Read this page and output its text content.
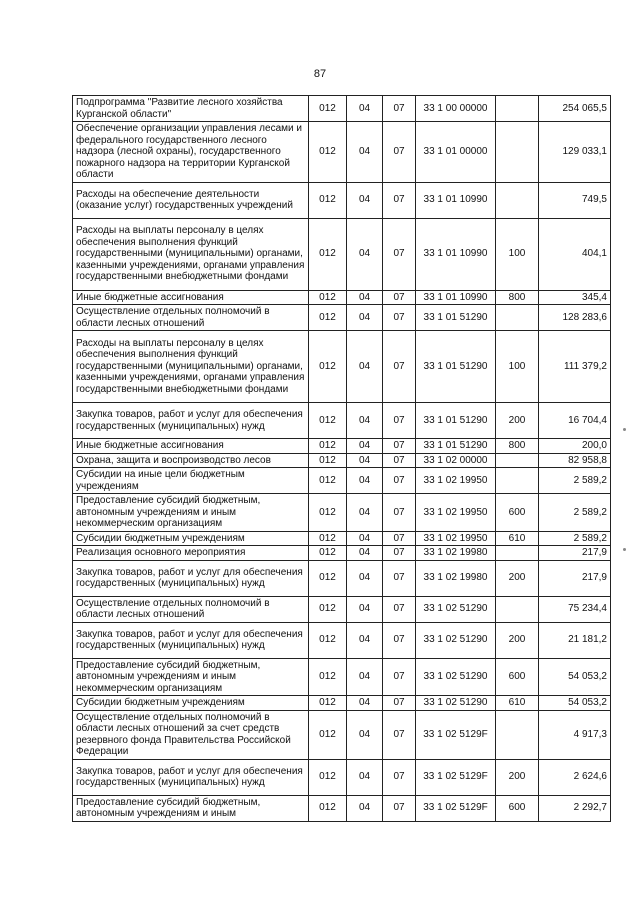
87
Подпрограмма "Развитие лесного хозяйства Курганской области"	012	04	07	33 1 00 00000		254 065,5
Обеспечение организации управления лесами и федерального государственного лесного надзора (лесной охраны), государственного пожарного надзора на территории Курганской области	012	04	07	33 1 01 00000		129 033,1
Расходы на обеспечение деятельности (оказание услуг) государственных учреждений	012	04	07	33 1 01 10990		749,5
Расходы на выплаты персоналу в целях обеспечения выполнения функций государственными (муниципальными) органами, казенными учреждениями, органами управления государственными внебюджетными фондами	012	04	07	33 1 01 10990	100	404,1
Иные бюджетные ассигнования	012	04	07	33 1 01 10990	800	345,4
Осуществление отдельных полномочий в области лесных отношений	012	04	07	33 1 01 51290		128 283,6
Расходы на выплаты персоналу в целях обеспечения выполнения функций государственными (муниципальными) органами, казенными учреждениями, органами управления государственными внебюджетными фондами	012	04	07	33 1 01 51290	100	111 379,2
Закупка товаров, работ и услуг для обеспечения государственных (муниципальных) нужд	012	04	07	33 1 01 51290	200	16 704,4
Иные бюджетные ассигнования	012	04	07	33 1 01 51290	800	200,0
Охрана, защита и воспроизводство лесов	012	04	07	33 1 02 00000		82 958,8
Субсидии на иные цели бюджетным учреждениям	012	04	07	33 1 02 19950		2 589,2
Предоставление субсидий бюджетным, автономным учреждениям и иным некоммерческим организациям	012	04	07	33 1 02 19950	600	2 589,2
Субсидии бюджетным учреждениям	012	04	07	33 1 02 19950	610	2 589,2
Реализация основного мероприятия	012	04	07	33 1 02 19980		217,9
Закупка товаров, работ и услуг для обеспечения государственных (муниципальных) нужд	012	04	07	33 1 02 19980	200	217,9
Осуществление отдельных полномочий в области лесных отношений	012	04	07	33 1 02 51290		75 234,4
Закупка товаров, работ и услуг для обеспечения государственных (муниципальных) нужд	012	04	07	33 1 02 51290	200	21 181,2
Предоставление субсидий бюджетным, автономным учреждениям и иным некоммерческим организациям	012	04	07	33 1 02 51290	600	54 053,2
Субсидии бюджетным учреждениям	012	04	07	33 1 02 51290	610	54 053,2
Осуществление отдельных полномочий в области лесных отношений за счет средств резервного фонда Правительства Российской Федерации	012	04	07	33 1 02 5129F		4 917,3
Закупка товаров, работ и услуг для обеспечения государственных (муниципальных) нужд	012	04	07	33 1 02 5129F	200	2 624,6
Предоставление субсидий бюджетным, автономным учреждениям и иным	012	04	07	33 1 02 5129F	600	2 292,7
